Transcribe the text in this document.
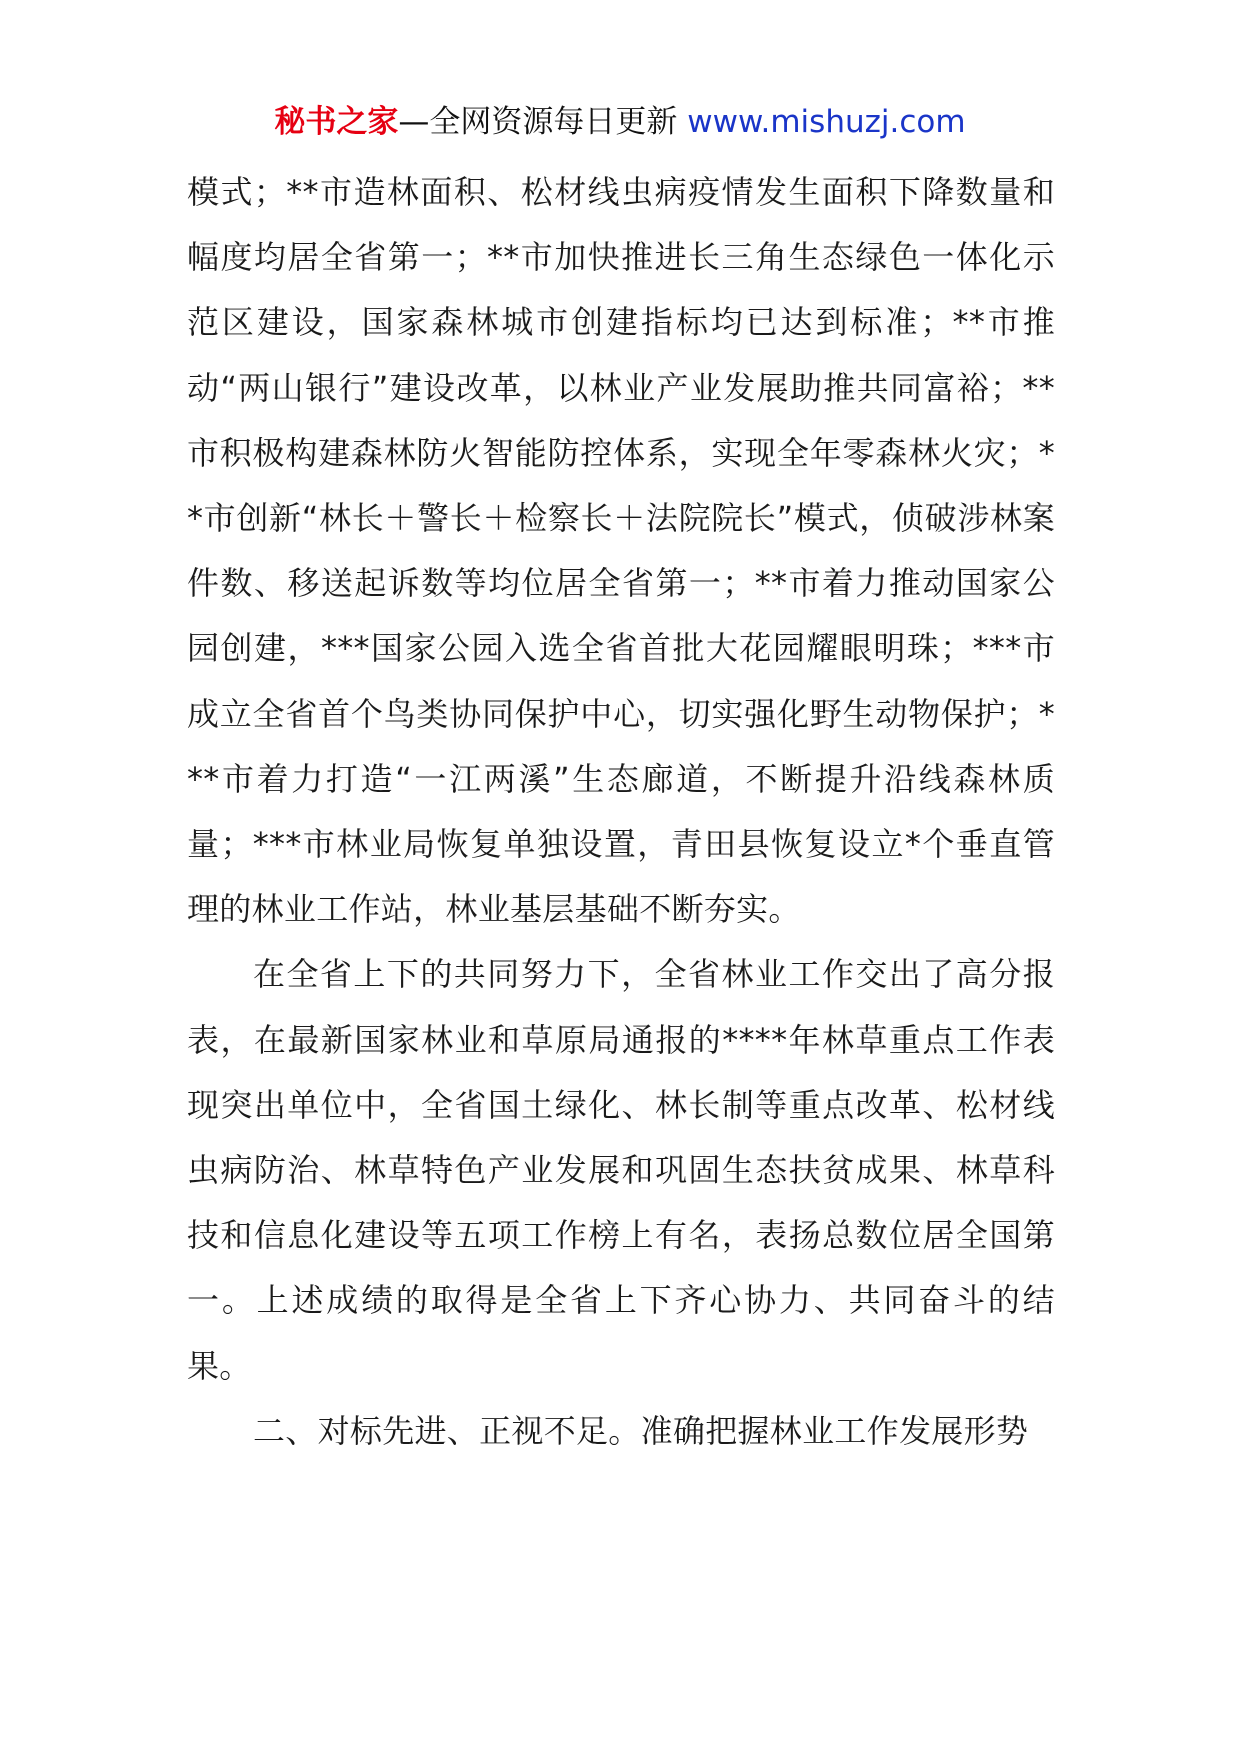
秘书之家—全网资源每日更新 www.mishuzj.com

模式；**市造林面积、松材线虫病疫情发生面积下降数量和幅度均居全省第一；**市加快推进长三角生态绿色一体化示范区建设，国家森林城市创建指标均已达到标准；**市推动“两山银行”建设改革，以林业产业发展助推共同富裕；**市积极构建森林防火智能防控体系，实现全年零森林火灾；**市创新“林长＋警长＋检察长＋法院院长”模式，侦破涉林案件数、移送起诉数等均位居全省第一；**市着力推动国家公园创建，***国家公园入选全省首批大花园耀眼明珠；***市成立全省首个鸟类协同保护中心，切实强化野生动物保护；***市着力打造“一江两溪”生态廊道，不断提升沿线森林质量；***市林业局恢复单独设置，青田县恢复设立*个垂直管理的林业工作站，林业基层基础不断夯实。

在全省上下的共同努力下，全省林业工作交出了高分报表，在最新国家林业和草原局通报的****年林草重点工作表现突出单位中，全省国土绿化、林长制等重点改革、松材线虫病防治、林草特色产业发展和巩固生态扶贫成果、林草科技和信息化建设等五项工作榜上有名，表扬总数位居全国第一。上述成绩的取得是全省上下齐心协力、共同奋斗的结果。

二、对标先进、正视不足。准确把握林业工作发展形势
